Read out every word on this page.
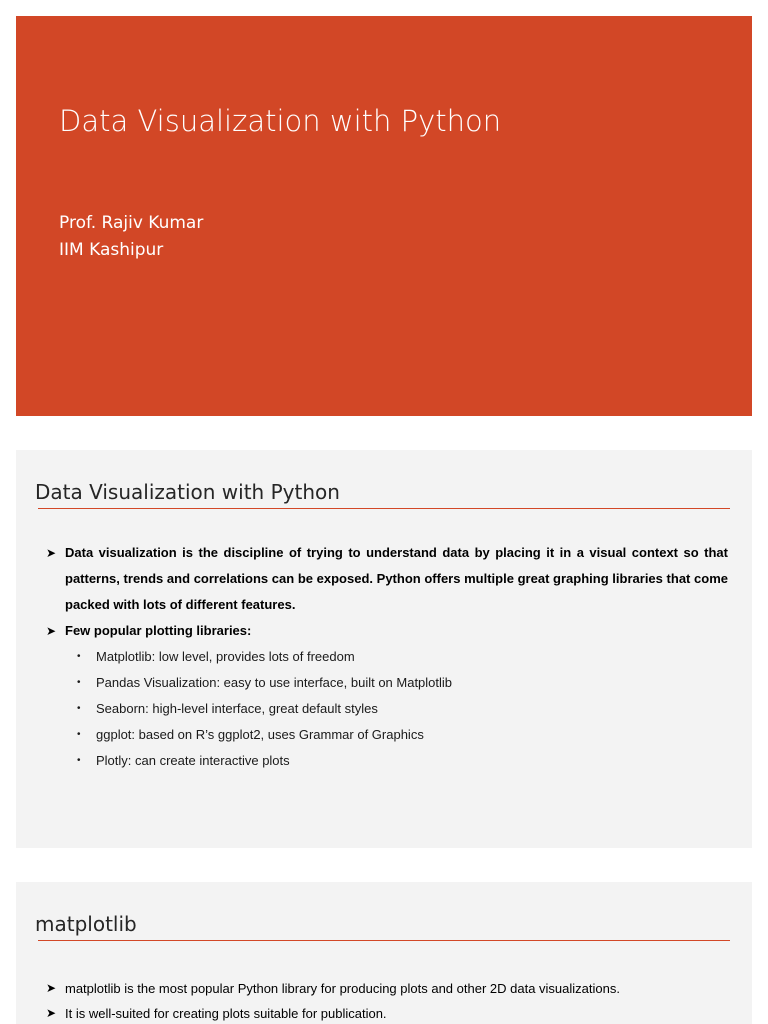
Data Visualization with Python
Prof. Rajiv Kumar
IIM Kashipur
Data Visualization with Python
➤ Data visualization is the discipline of trying to understand data by placing it in a visual context so that patterns, trends and correlations can be exposed. Python offers multiple great graphing libraries that come packed with lots of different features.
➤ Few popular plotting libraries:
• Matplotlib: low level, provides lots of freedom
• Pandas Visualization: easy to use interface, built on Matplotlib
• Seaborn: high-level interface, great default styles
• ggplot: based on R’s ggplot2, uses Grammar of Graphics
• Plotly: can create interactive plots
matplotlib
➤ matplotlib is the most popular Python library for producing plots and other 2D data visualizations.
➤ It is well-suited for creating plots suitable for publication.
